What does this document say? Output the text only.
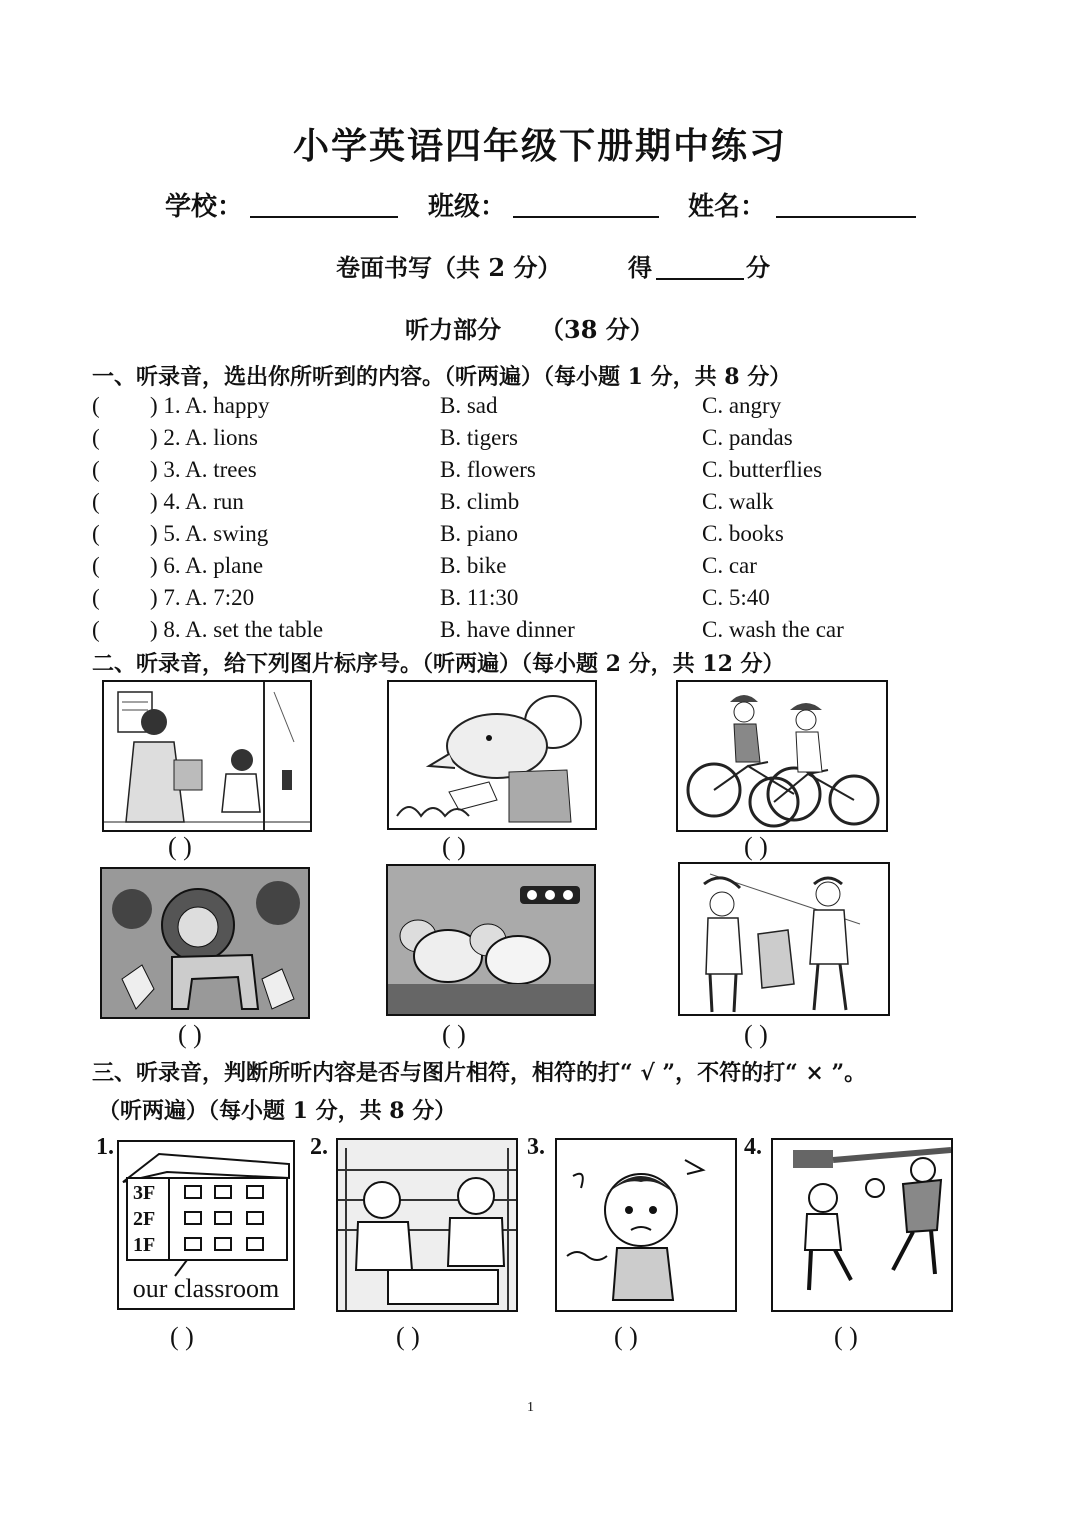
小学英语四年级下册期中练习
学校：	班级：	姓名：
卷面书写（共 2 分）	得	分
听力部分 （38 分）
一、听录音，选出你所听到的内容。（听两遍）（每小题 1 分，共 8 分）
( ) 1. A. happy	B. sad	C. angry
( ) 2. A. lions	B. tigers	C. pandas
( ) 3. A. trees	B. flowers	C. butterflies
( ) 4. A. run	B. climb	C. walk
( ) 5. A. swing	B. piano	C. books
( ) 6. A. plane	B. bike	C. car
( ) 7. A. 7:20	B. 11:30	C. 5:40
( ) 8. A. set the table	B. have dinner	C. wash the car
二、听录音，给下列图片标序号。（听两遍）（每小题 2 分，共 12 分）
( )	( )	( )
( )	( )	( )
三、听录音，判断所听内容是否与图片相符，相符的打“ √ ”，不符的打“ × ”。
（听两遍）（每小题 1 分，共 8 分）
1.	2.	3.	4.
3F
2F
1F
our classroom
( )	( )	( )	( )
1
